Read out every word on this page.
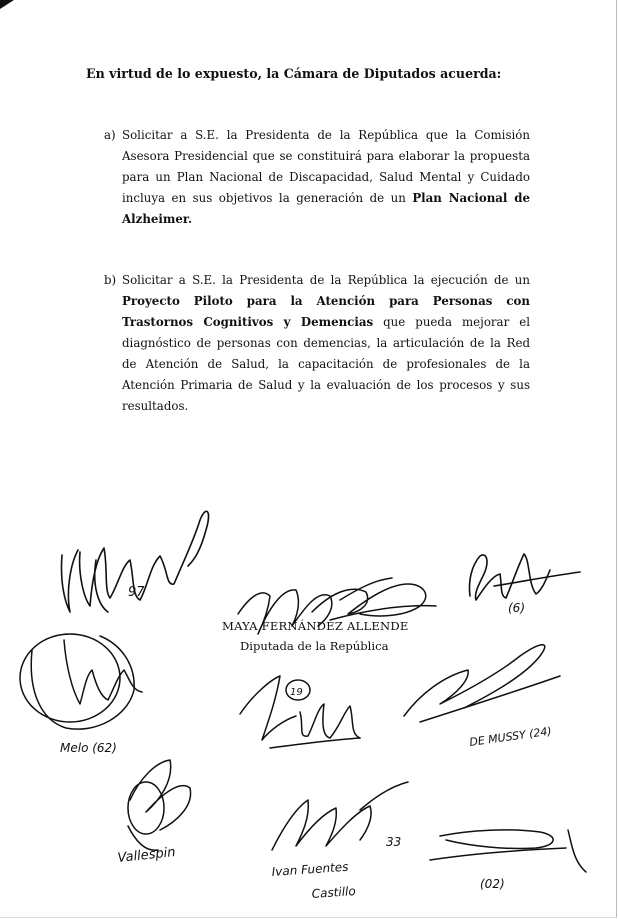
En virtud de lo expuesto, la Cámara de Diputados acuerda:

a) Solicitar a S.E. la Presidenta de la República que la Comisión Asesora Presidencial que se constituirá para elaborar la propuesta para un Plan Nacional de Discapacidad, Salud Mental y Cuidado incluya en sus objetivos la generación de un Plan Nacional de Alzheimer.
b) Solicitar a S.E. la Presidenta de la República la ejecución de un Proyecto Piloto para la Atención para Personas con Trastornos Cognitivos y Demencias que pueda mejorar el diagnóstico de personas con demencias, la articulación de la Red de Atención de Salud, la capacitación de profesionales de la Atención Primaria de Salud y la evaluación de los procesos y sus resultados.
97
(6)
Melo (62)
19
DE MUSSY (24)
Vallespin
33
Ivan Fuentes
Castillo	(02)
MAYA FERNÁNDEZ ALLENDE
Diputada de la República
